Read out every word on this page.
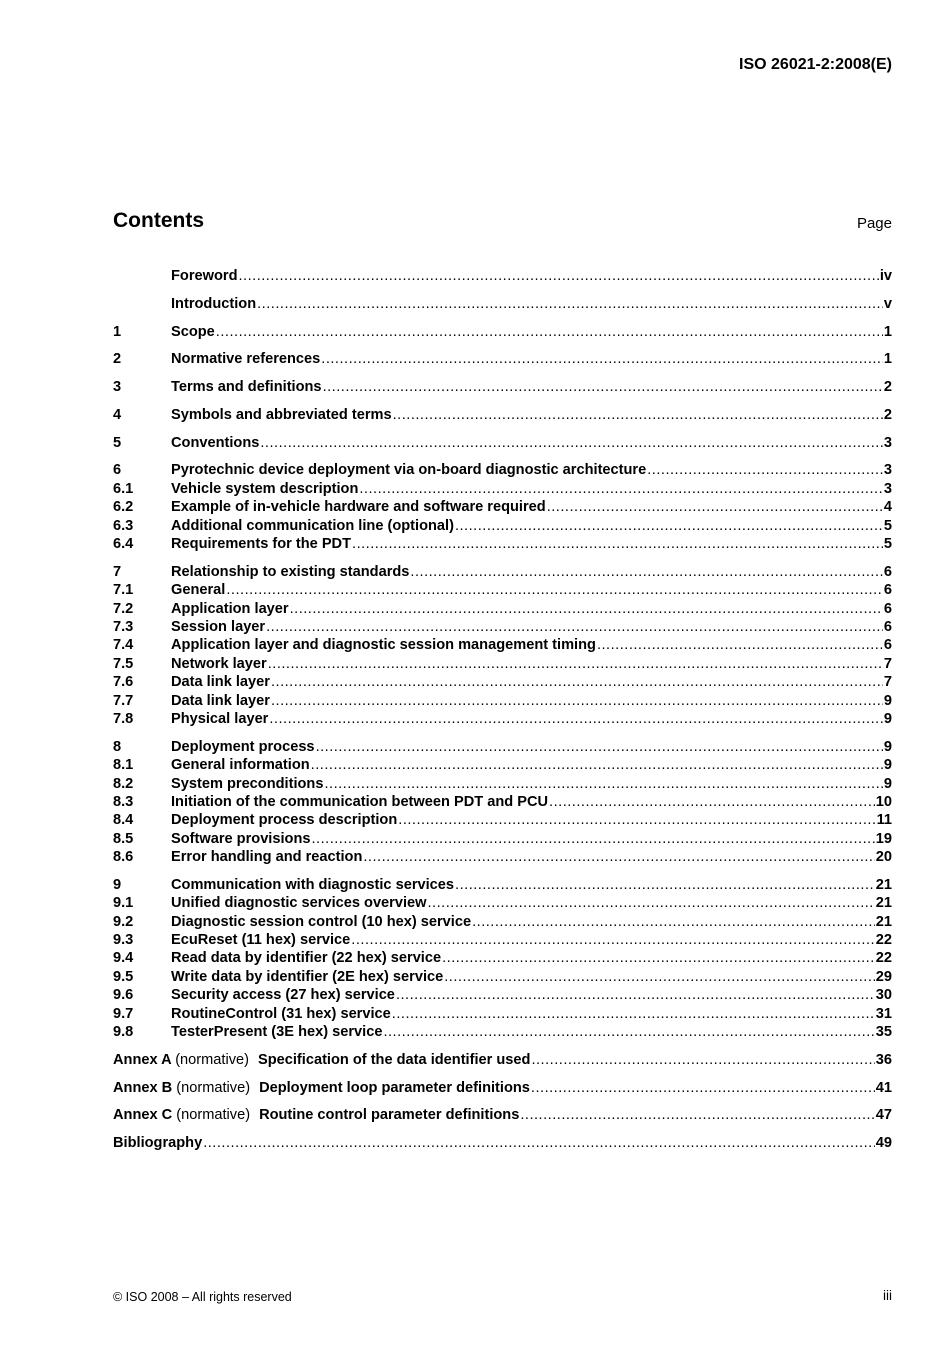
ISO 26021-2:2008(E)
Contents	Page
Foreword .....	iv
Introduction .....	v
1	Scope .....	1
2	Normative references .....	1
3	Terms and definitions .....	2
4	Symbols and abbreviated terms .....	2
5	Conventions .....	3
6	Pyrotechnic device deployment via on-board diagnostic architecture .....	3
6.1	Vehicle system description .....	3
6.2	Example of in-vehicle hardware and software required .....	4
6.3	Additional communication line (optional) .....	5
6.4	Requirements for the PDT .....	5
7	Relationship to existing standards .....	6
7.1	General .....	6
7.2	Application layer .....	6
7.3	Session layer .....	6
7.4	Application layer and diagnostic session management timing .....	6
7.5	Network layer .....	7
7.6	Data link layer .....	7
7.7	Data link layer .....	9
7.8	Physical layer .....	9
8	Deployment process .....	9
8.1	General information .....	9
8.2	System preconditions .....	9
8.3	Initiation of the communication between PDT and PCU .....	10
8.4	Deployment process description .....	11
8.5	Software provisions .....	19
8.6	Error handling and reaction .....	20
9	Communication with diagnostic services .....	21
9.1	Unified diagnostic services overview .....	21
9.2	Diagnostic session control (10 hex) service .....	21
9.3	EcuReset (11 hex) service .....	22
9.4	Read data by identifier (22 hex) service .....	22
9.5	Write data by identifier (2E hex) service .....	29
9.6	Security access (27 hex) service .....	30
9.7	RoutineControl (31 hex) service .....	31
9.8	TesterPresent (3E hex) service .....	35
Annex A (normative) Specification of the data identifier used .....	36
Annex B (normative) Deployment loop parameter definitions .....	41
Annex C (normative) Routine control parameter definitions .....	47
Bibliography .....	49
© ISO 2008 – All rights reserved	iii
